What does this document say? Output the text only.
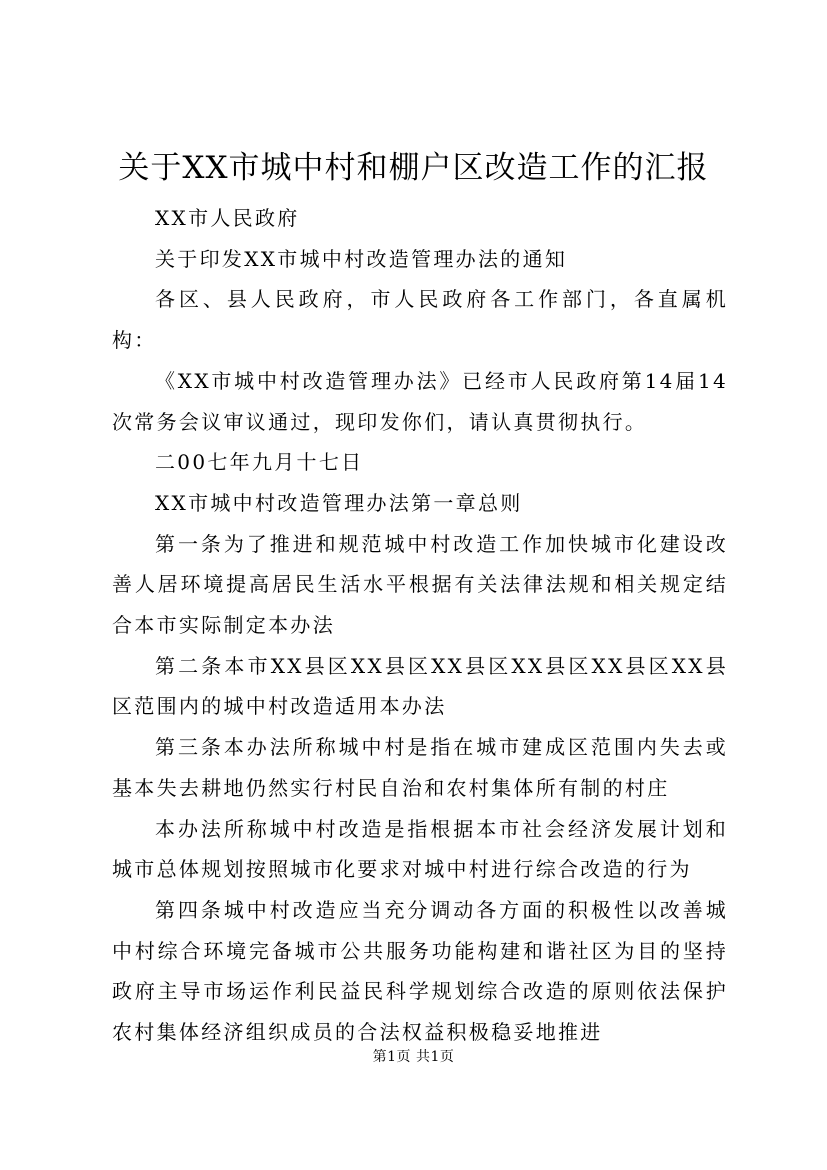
关于XX市城中村和棚户区改造工作的汇报

XX市人民政府

关于印发XX市城中村改造管理办法的通知

各区、县人民政府，市人民政府各工作部门，各直属机构：

《XX市城中村改造管理办法》已经市人民政府第14届14次常务会议审议通过，现印发你们，请认真贯彻执行。

二00七年九月十七日

XX市城中村改造管理办法第一章总则

第一条为了推进和规范城中村改造工作加快城市化建设改善人居环境提高居民生活水平根据有关法律法规和相关规定结合本市实际制定本办法

第二条本市XX县区XX县区XX县区XX县区XX县区XX县区范围内的城中村改造适用本办法

第三条本办法所称城中村是指在城市建成区范围内失去或基本失去耕地仍然实行村民自治和农村集体所有制的村庄

本办法所称城中村改造是指根据本市社会经济发展计划和城市总体规划按照城市化要求对城中村进行综合改造的行为

第四条城中村改造应当充分调动各方面的积极性以改善城中村综合环境完备城市公共服务功能构建和谐社区为目的坚持政府主导市场运作利民益民科学规划综合改造的原则依法保护农村集体经济组织成员的合法权益积极稳妥地推进

第1页 共1页
